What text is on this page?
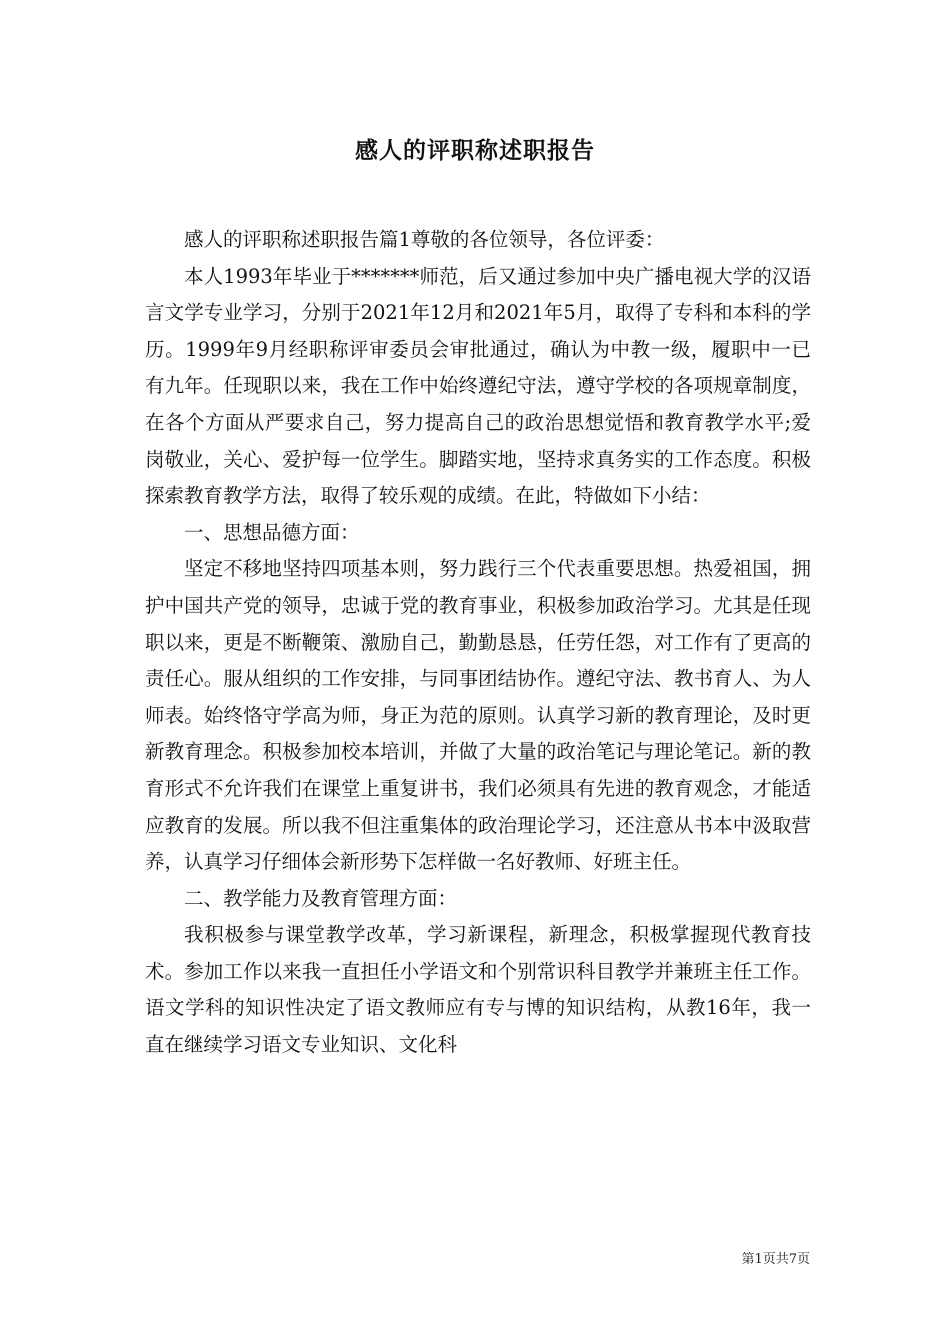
感人的评职称述职报告

感人的评职称述职报告篇1尊敬的各位领导，各位评委：

本人1993年毕业于*******师范，后又通过参加中央广播电视大学的汉语言文学专业学习，分别于2021年12月和2021年5月，取得了专科和本科的学历。1999年9月经职称评审委员会审批通过，确认为中教一级，履职中一已有九年。任现职以来，我在工作中始终遵纪守法，遵守学校的各项规章制度，在各个方面从严要求自己，努力提高自己的政治思想觉悟和教育教学水平;爱岗敬业，关心、爱护每一位学生。脚踏实地，坚持求真务实的工作态度。积极探索教育教学方法，取得了较乐观的成绩。在此，特做如下小结：

一、思想品德方面：

坚定不移地坚持四项基本则，努力践行三个代表重要思想。热爱祖国，拥护中国共产党的领导，忠诚于党的教育事业，积极参加政治学习。尤其是任现职以来，更是不断鞭策、激励自己，勤勤恳恳，任劳任怨，对工作有了更高的责任心。服从组织的工作安排，与同事团结协作。遵纪守法、教书育人、为人师表。始终恪守学高为师，身正为范的原则。认真学习新的教育理论，及时更新教育理念。积极参加校本培训，并做了大量的政治笔记与理论笔记。新的教育形式不允许我们在课堂上重复讲书，我们必须具有先进的教育观念，才能适应教育的发展。所以我不但注重集体的政治理论学习，还注意从书本中汲取营养，认真学习仔细体会新形势下怎样做一名好教师、好班主任。

二、教学能力及教育管理方面：

我积极参与课堂教学改革，学习新课程，新理念，积极掌握现代教育技术。参加工作以来我一直担任小学语文和个别常识科目教学并兼班主任工作。语文学科的知识性决定了语文教师应有专与博的知识结构，从教16年，我一直在继续学习语文专业知识、文化科

第1页共7页
